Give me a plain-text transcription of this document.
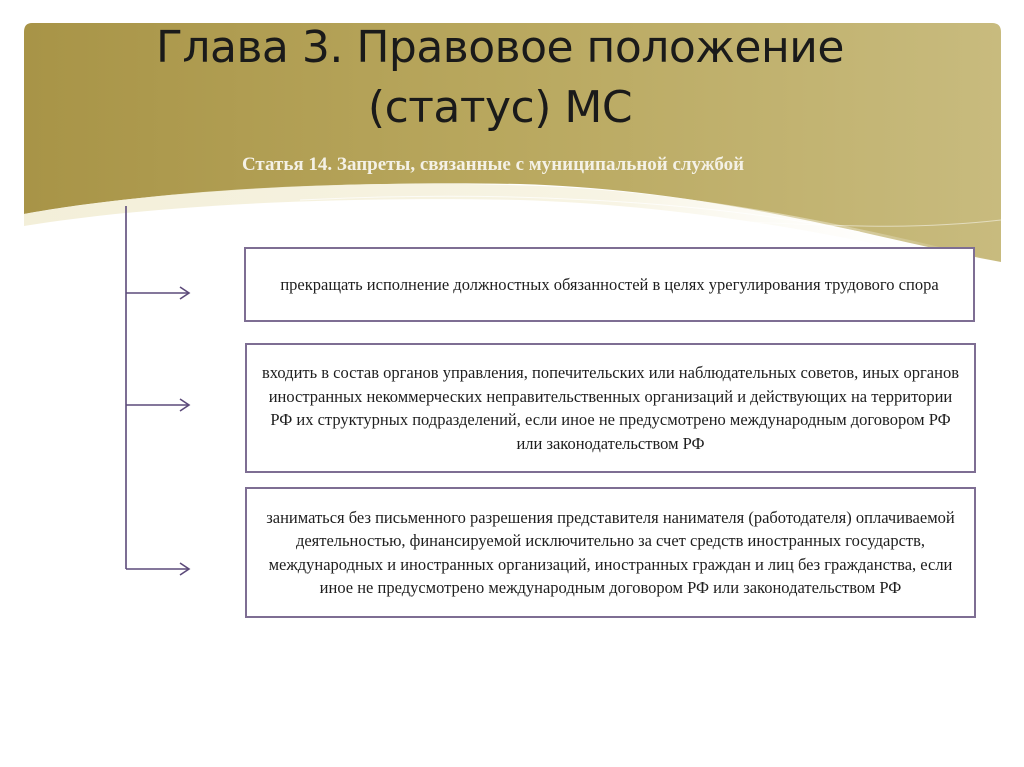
Глава 3. Правовое положение
(статус) МС
Статья 14. Запреты, связанные с муниципальной службой
прекращать исполнение должностных обязанностей в целях урегулирования трудового спора
входить в состав органов управления, попечительских или наблюдательных советов, иных органов иностранных некоммерческих неправительственных организаций и действующих на территории РФ их структурных подразделений, если иное не предусмотрено международным договором РФ или законодательством РФ
заниматься без письменного разрешения представителя нанимателя (работодателя) оплачиваемой деятельностью, финансируемой исключительно за счет средств иностранных государств, международных и иностранных организаций, иностранных граждан и лиц без гражданства, если иное не предусмотрено международным договором РФ или законодательством РФ
